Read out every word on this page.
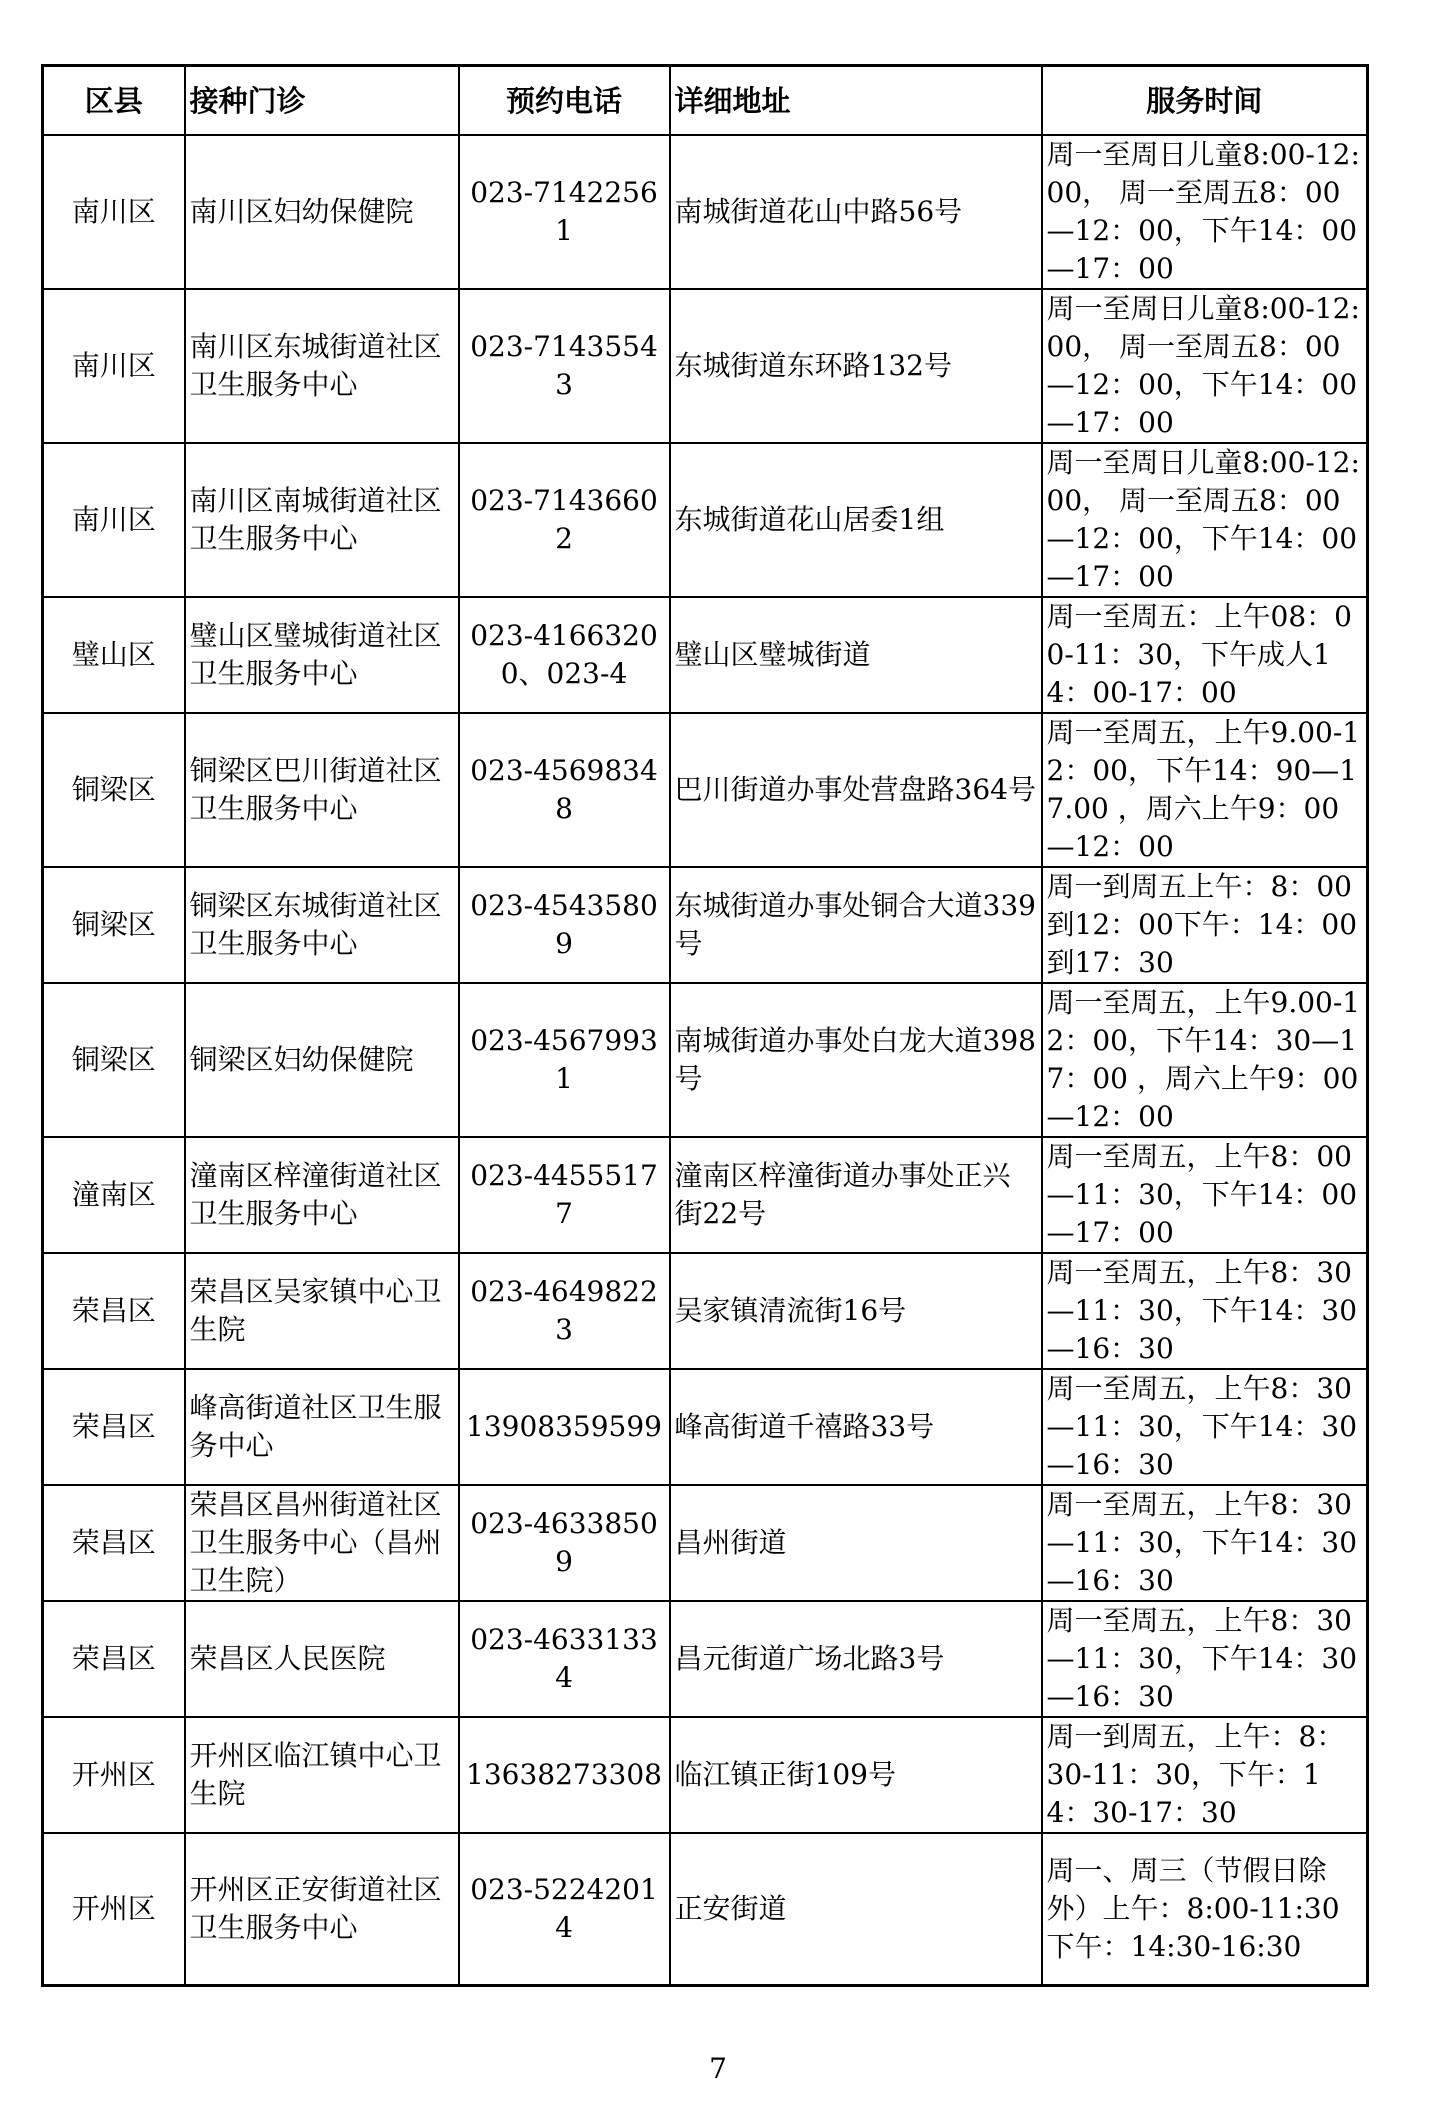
区县	接种门诊	预约电话	详细地址	服务时间
南川区	南川区妇幼保健院	023-71422561	南城街道花山中路56号	周一至周日儿童8:00-12:00， 周一至周五8：00—12：00，下午14：00—17：00
南川区	南川区东城街道社区卫生服务中心	023-71435543	东城街道东环路132号	周一至周日儿童8:00-12:00， 周一至周五8：00—12：00，下午14：00—17：00
南川区	南川区南城街道社区卫生服务中心	023-71436602	东城街道花山居委1组	周一至周日儿童8:00-12:00， 周一至周五8：00—12：00，下午14：00—17：00
璧山区	璧山区璧城街道社区卫生服务中心	023-41663200、023-4	璧山区璧城街道	周一至周五：上午08：00-11：30，下午成人14：00-17：00
铜梁区	铜梁区巴川街道社区卫生服务中心	023-45698348	巴川街道办事处营盘路364号	周一至周五，上午9.00-12：00，下午14：90—17.00 ，周六上午9：00—12：00
铜梁区	铜梁区东城街道社区卫生服务中心	023-45435809	东城街道办事处铜合大道339号	周一到周五上午：8：00到12：00下午：14：00到17：30
铜梁区	铜梁区妇幼保健院	023-45679931	南城街道办事处白龙大道398号	周一至周五，上午9.00-12：00，下午14：30—17：00 ，周六上午9：00—12：00
潼南区	潼南区梓潼街道社区卫生服务中心	023-44555177	潼南区梓潼街道办事处正兴街22号	周一至周五，上午8：00—11：30，下午14：00—17：00
荣昌区	荣昌区吴家镇中心卫生院	023-46498223	吴家镇清流街16号	周一至周五，上午8：30—11：30，下午14：30—16：30
荣昌区	峰高街道社区卫生服务中心	13908359599	峰高街道千禧路33号	周一至周五，上午8：30—11：30，下午14：30—16：30
荣昌区	荣昌区昌州街道社区卫生服务中心（昌州卫生院）	023-46338509	昌州街道	周一至周五，上午8：30—11：30，下午14：30—16：30
荣昌区	荣昌区人民医院	023-46331334	昌元街道广场北路3号	周一至周五，上午8：30—11：30，下午14：30—16：30
开州区	开州区临江镇中心卫生院	13638273308	临江镇正街109号	周一到周五，上午：8：30-11：30，下午：14：30-17：30
开州区	开州区正安街道社区卫生服务中心	023-52242014	正安街道	周一、周三（节假日除外）上午：8:00-11:30下午：14:30-16:30
7
